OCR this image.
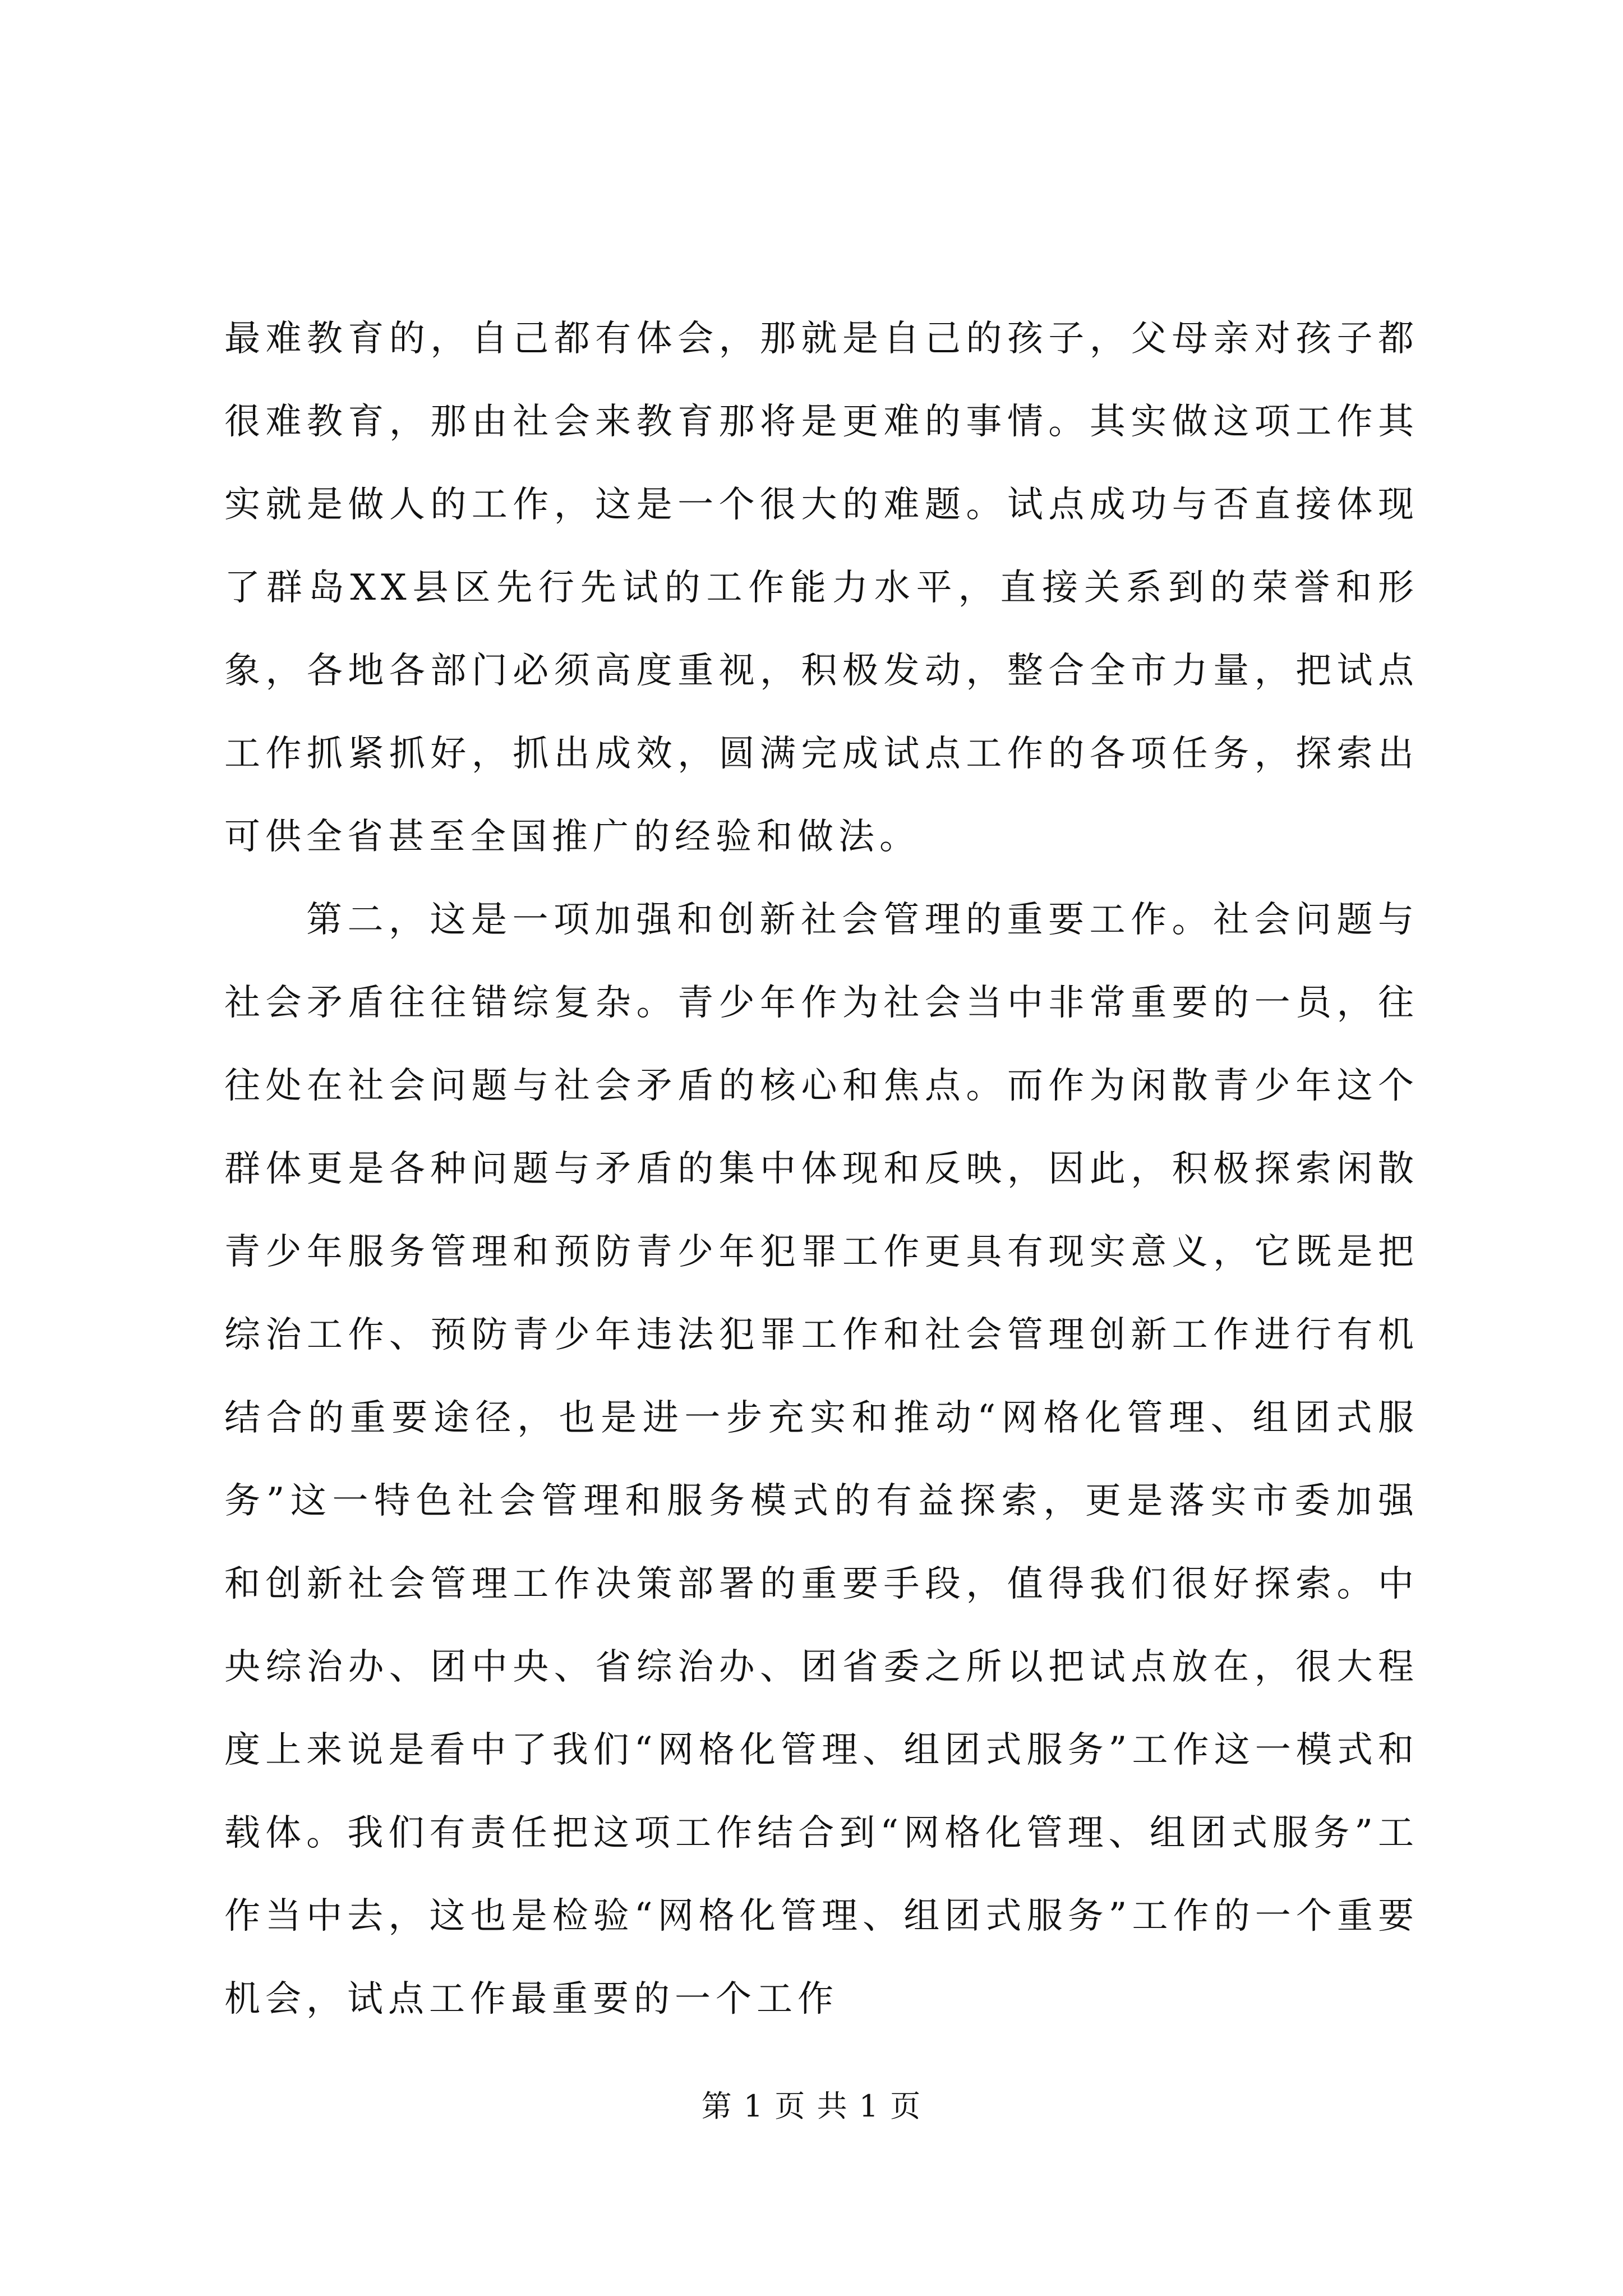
最难教育的，自己都有体会，那就是自己的孩子，父母亲对孩子都很难教育，那由社会来教育那将是更难的事情。其实做这项工作其实就是做人的工作，这是一个很大的难题。试点成功与否直接体现了群岛XX县区先行先试的工作能力水平，直接关系到的荣誉和形象，各地各部门必须高度重视，积极发动，整合全市力量，把试点工作抓紧抓好，抓出成效，圆满完成试点工作的各项任务，探索出可供全省甚至全国推广的经验和做法。

第二，这是一项加强和创新社会管理的重要工作。社会问题与社会矛盾往往错综复杂。青少年作为社会当中非常重要的一员，往往处在社会问题与社会矛盾的核心和焦点。而作为闲散青少年这个群体更是各种问题与矛盾的集中体现和反映，因此，积极探索闲散青少年服务管理和预防青少年犯罪工作更具有现实意义，它既是把综治工作、预防青少年违法犯罪工作和社会管理创新工作进行有机结合的重要途径，也是进一步充实和推动“网格化管理、组团式服务”这一特色社会管理和服务模式的有益探索，更是落实市委加强和创新社会管理工作决策部署的重要手段，值得我们很好探索。中央综治办、团中央、省综治办、团省委之所以把试点放在，很大程度上来说是看中了我们“网格化管理、组团式服务”工作这一模式和载体。我们有责任把这项工作结合到“网格化管理、组团式服务”工作当中去，这也是检验“网格化管理、组团式服务”工作的一个重要机会，试点工作最重要的一个工作

第 1 页 共 1 页
